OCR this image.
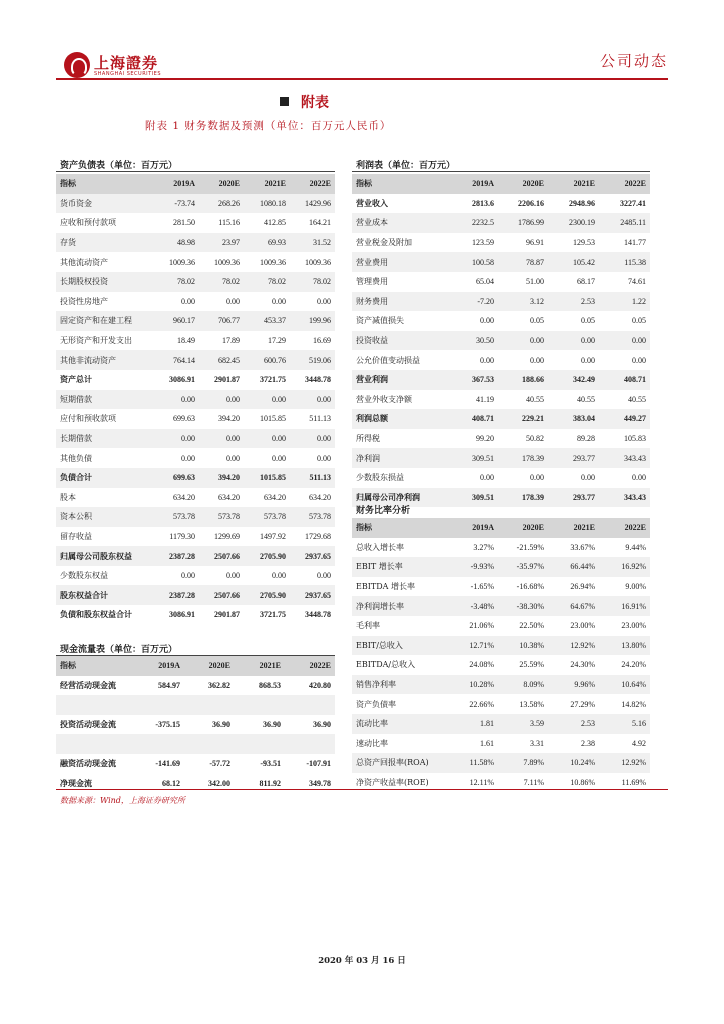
上海證券
SHANGHAI SECURITIES
公司动态
附表
附表 1 财务数据及预测（单位：百万元人民币）
资产负债表（单位：百万元）
指标	2019A	2020E	2021E	2022E
货币资金	-73.74	268.26	1080.18	1429.96
应收和预付款项	281.50	115.16	412.85	164.21
存货	48.98	23.97	69.93	31.52
其他流动资产	1009.36	1009.36	1009.36	1009.36
长期股权投资	78.02	78.02	78.02	78.02
投资性房地产	0.00	0.00	0.00	0.00
固定资产和在建工程	960.17	706.77	453.37	199.96
无形资产和开发支出	18.49	17.89	17.29	16.69
其他非流动资产	764.14	682.45	600.76	519.06
资产总计	3086.91	2901.87	3721.75	3448.78
短期借款	0.00	0.00	0.00	0.00
应付和预收款项	699.63	394.20	1015.85	511.13
长期借款	0.00	0.00	0.00	0.00
其他负债	0.00	0.00	0.00	0.00
负债合计	699.63	394.20	1015.85	511.13
股本	634.20	634.20	634.20	634.20
资本公积	573.78	573.78	573.78	573.78
留存收益	1179.30	1299.69	1497.92	1729.68
归属母公司股东权益	2387.28	2507.66	2705.90	2937.65
少数股东权益	0.00	0.00	0.00	0.00
股东权益合计	2387.28	2507.66	2705.90	2937.65
负债和股东权益合计	3086.91	2901.87	3721.75	3448.78
现金流量表（单位：百万元）
指标	2019A	2020E	2021E	2022E
经营活动现金流	584.97	362.82	868.53	420.80

投资活动现金流	-375.15	36.90	36.90	36.90

融资活动现金流	-141.69	-57.72	-93.51	-107.91
净现金流	68.12	342.00	811.92	349.78
利润表（单位：百万元）
指标	2019A	2020E	2021E	2022E
营业收入	2813.6	2206.16	2948.96	3227.41
营业成本	2232.5	1786.99	2300.19	2485.11
营业税金及附加	123.59	96.91	129.53	141.77
营业费用	100.58	78.87	105.42	115.38
管理费用	65.04	51.00	68.17	74.61
财务费用	-7.20	3.12	2.53	1.22
资产减值损失	0.00	0.05	0.05	0.05
投资收益	30.50	0.00	0.00	0.00
公允价值变动损益	0.00	0.00	0.00	0.00
营业利润	367.53	188.66	342.49	408.71
营业外收支净额	41.19	40.55	40.55	40.55
利润总额	408.71	229.21	383.04	449.27
所得税	99.20	50.82	89.28	105.83
净利润	309.51	178.39	293.77	343.43
少数股东损益	0.00	0.00	0.00	0.00
归属母公司净利润	309.51	178.39	293.77	343.43
财务比率分析
指标	2019A	2020E	2021E	2022E
总收入增长率	3.27%	-21.59%	33.67%	9.44%
EBIT 增长率	-9.93%	-35.97%	66.44%	16.92%
EBITDA 增长率	-1.65%	-16.68%	26.94%	9.00%
净利润增长率	-3.48%	-38.30%	64.67%	16.91%
毛利率	21.06%	22.50%	23.00%	23.00%
EBIT/总收入	12.71%	10.38%	12.92%	13.80%
EBITDA/总收入	24.08%	25.59%	24.30%	24.20%
销售净利率	10.28%	8.09%	9.96%	10.64%
资产负债率	22.66%	13.58%	27.29%	14.82%
流动比率	1.81	3.59	2.53	5.16
速动比率	1.61	3.31	2.38	4.92
总资产回报率(ROA)	11.58%	7.89%	10.24%	12.92%
净资产收益率(ROE)	12.11%	7.11%	10.86%	11.69%
数据来源：Wind，上海证券研究所
2020 年 03 月 16 日
